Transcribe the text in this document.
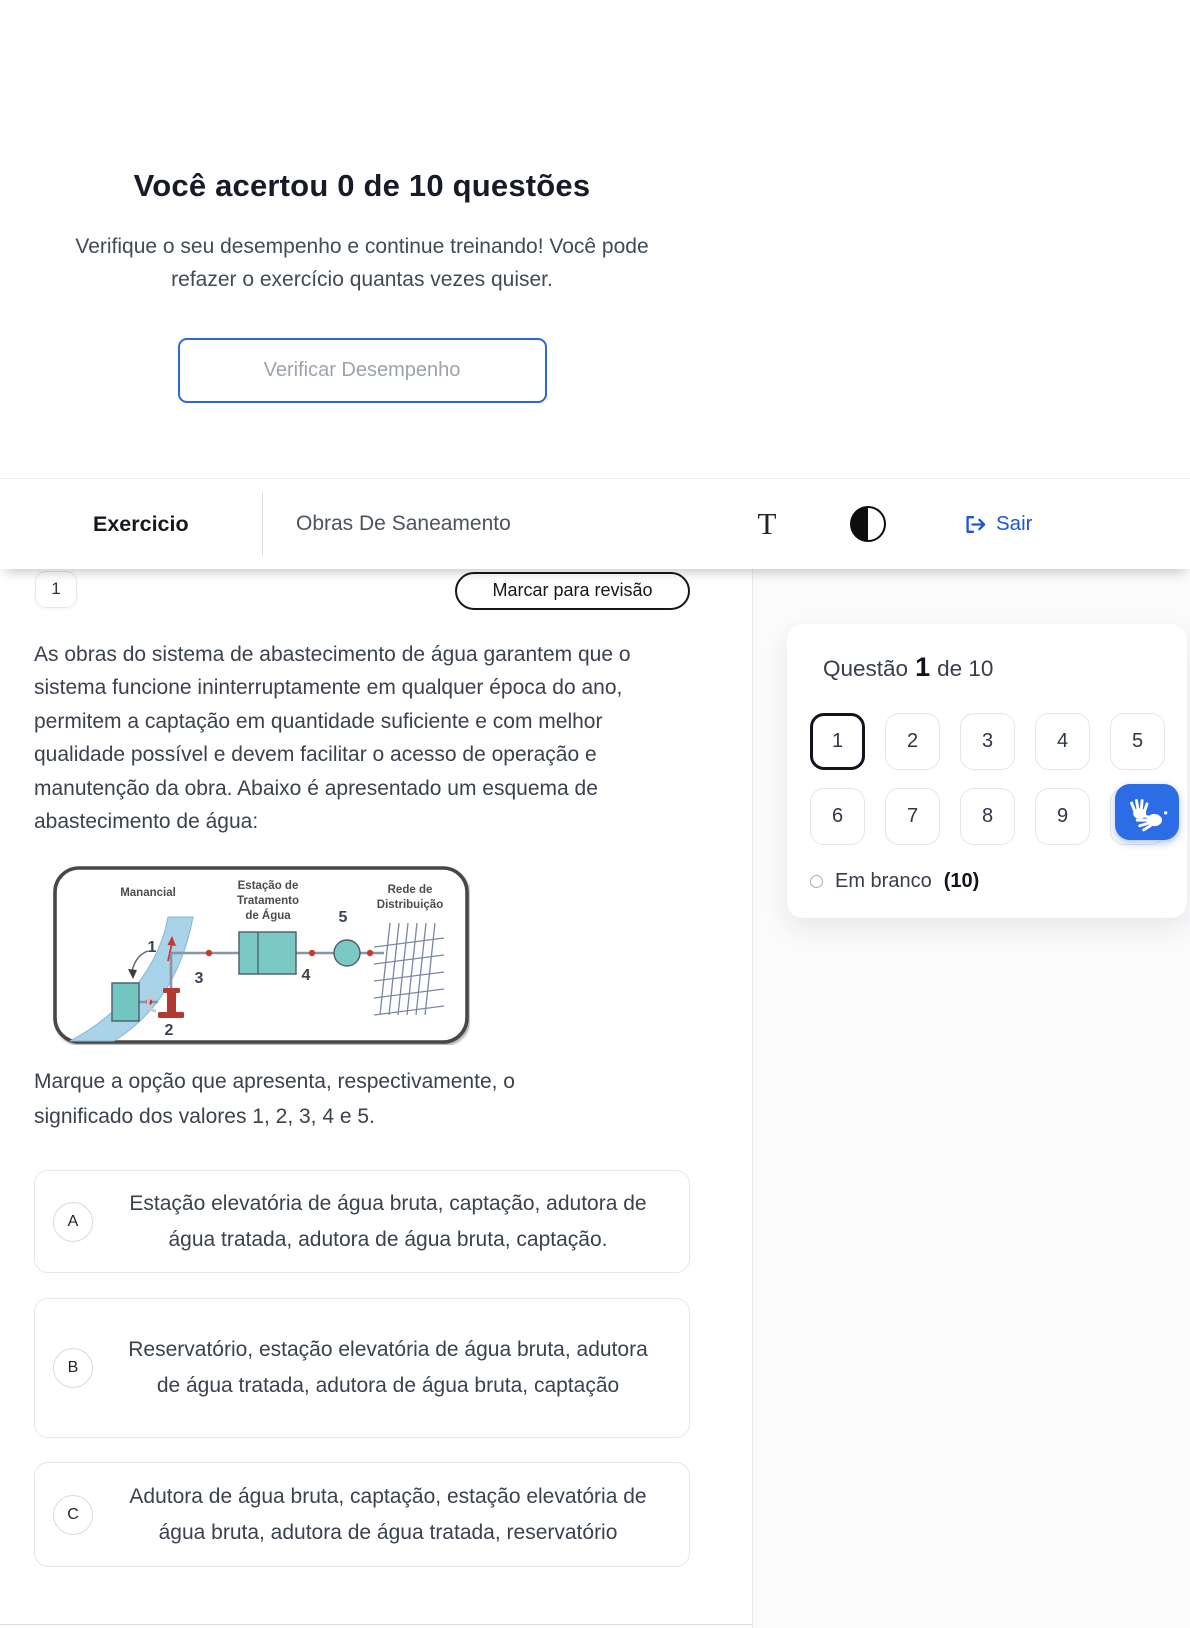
Você acertou 0 de 10 questões
Verifique o seu desempenho e continue treinando! Você pode
refazer o exercício quantas vezes quiser.
Verificar Desempenho
Exercicio	Obras De Saneamento	T	Sair
1	Marcar para revisão
As obras do sistema de abastecimento de água garantem que o sistema funcione ininterruptamente em qualquer época do ano, permitem a captação em quantidade suficiente e com melhor qualidade possível e devem facilitar o acesso de operação e manutenção da obra. Abaixo é apresentado um esquema de abastecimento de água:
Manancial
Estação de
Tratamento
de Água
Rede de
Distribuição
1
2
3	4
5
Marque a opção que apresenta, respectivamente, o significado dos valores 1, 2, 3, 4 e 5.
A
Estação elevatória de água bruta, captação, adutora de água tratada, adutora de água bruta, captação.
B
Reservatório, estação elevatória de água bruta, adutora de água tratada, adutora de água bruta, captação
C
Adutora de água bruta, captação, estação elevatória de água bruta, adutora de água tratada, reservatório
Questão 1 de 10
1	2	3	4	5
6	7	8	9
Em branco (10)
